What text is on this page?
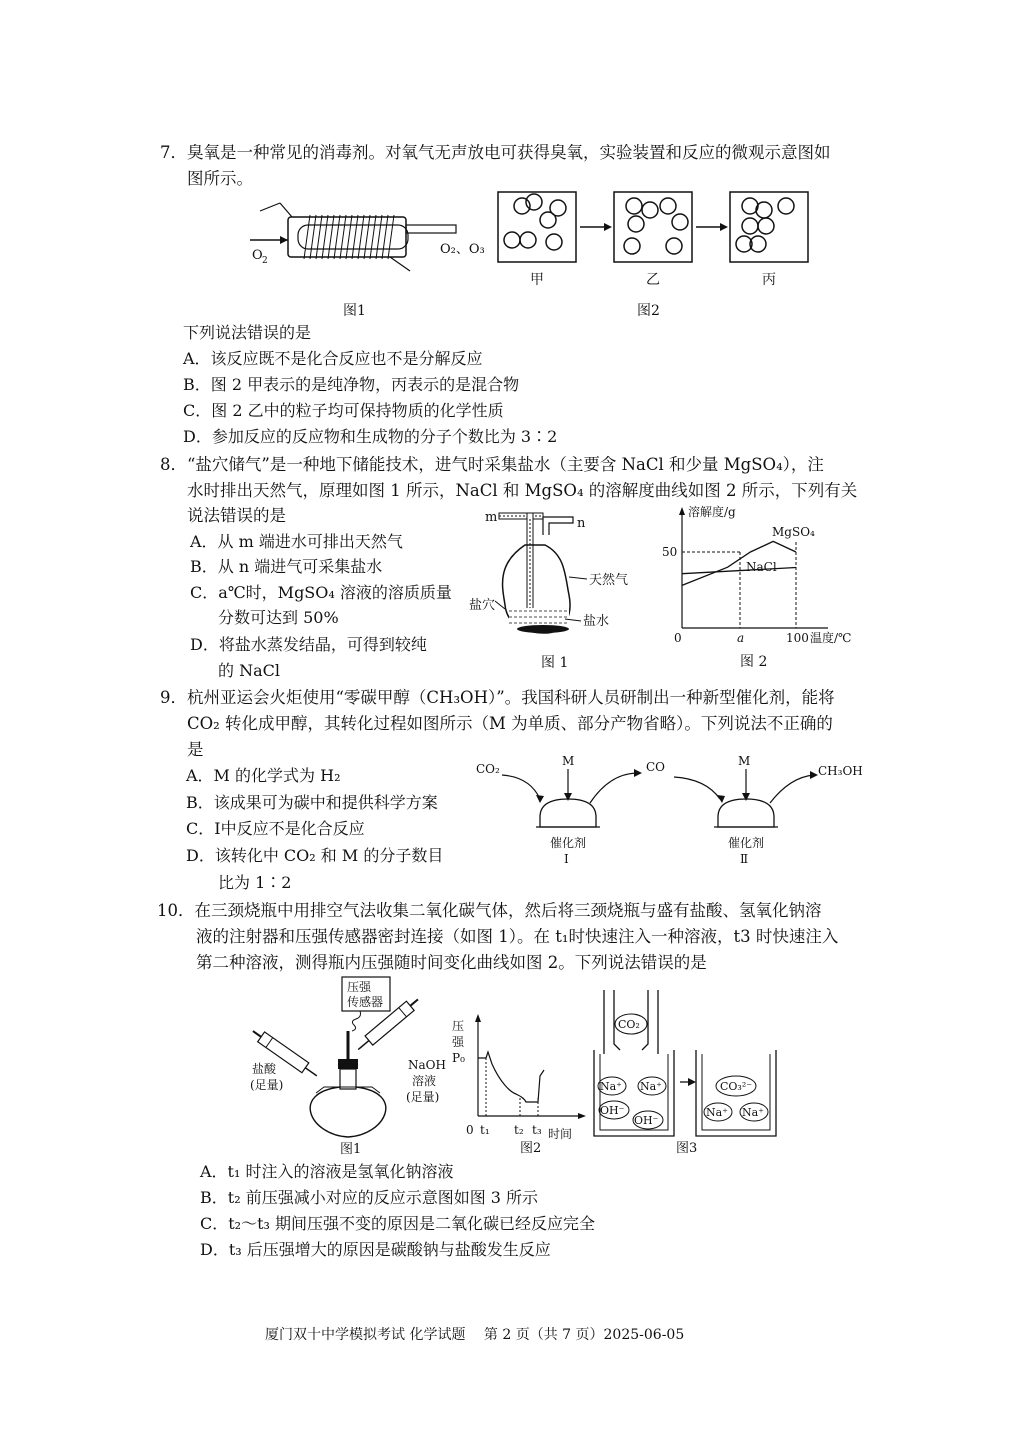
7．臭氧是一种常见的消毒剂。对氧气无声放电可获得臭氧，实验装置和反应的微观示意图如
图所示。
O 2
O₂、O₃
甲	乙	丙
图1	图2
下列说法错误的是
A．该反应既不是化合反应也不是分解反应
B．图 2 甲表示的是纯净物，丙表示的是混合物
C．图 2 乙中的粒子均可保持物质的化学性质
D．参加反应的反应物和生成物的分子个数比为 3∶2
8．“盐穴储气”是一种地下储能技术，进气时采集盐水（主要含 NaCl 和少量 MgSO₄），注
水时排出天然气，原理如图 1 所示，NaCl 和 MgSO₄ 的溶解度曲线如图 2 所示，下列有关
说法错误的是
A．从 m 端进水可排出天然气
B．从 n 端进气可采集盐水
C．a℃时，MgSO₄ 溶液的溶质质量
分数可达到 50%
D．将盐水蒸发结晶，可得到较纯
的 NaCl
m	n
天然气
盐穴
盐水
图 1
溶解度/g
50
0	a	100 温度/℃
MgSO₄
NaCl
图 2
9．杭州亚运会火炬使用“零碳甲醇（CH₃OH）”。我国科研人员研制出一种新型催化剂，能将
CO₂ 转化成甲醇，其转化过程如图所示（M 为单质、部分产物省略）。下列说法不正确的
是
A．M 的化学式为 H₂
B．该成果可为碳中和提供科学方案
C．Ⅰ中反应不是化合反应
D．该转化中 CO₂ 和 M 的分子数目
比为 1∶2
CO₂
M	CO	M
CH₃OH
催化剂
Ⅰ
催化剂
Ⅱ
10．在三颈烧瓶中用排空气法收集二氧化碳气体，然后将三颈烧瓶与盛有盐酸、氢氧化钠溶
液的注射器和压强传感器密封连接（如图 1）。在 t₁时快速注入一种溶液，t3 时快速注入
第二种溶液，测得瓶内压强随时间变化曲线如图 2。下列说法错误的是
压强
传感器
盐酸
(足量)
NaOH
溶液
(足量)
图1
压
强
P₀
0 t₁ t₂ t₃ 时间
图2
CO₂
Na⁺ Na⁺
OH⁻
OH⁻
CO₃²⁻
Na⁺ Na⁺
图3
A．t₁ 时注入的溶液是氢氧化钠溶液
B．t₂ 前压强减小对应的反应示意图如图 3 所示
C．t₂～t₃ 期间压强不变的原因是二氧化碳已经反应完全
D．t₃ 后压强增大的原因是碳酸钠与盐酸发生反应
厦门双十中学模拟考试 化学试题　 第 2 页（共 7 页）2025-06-05
